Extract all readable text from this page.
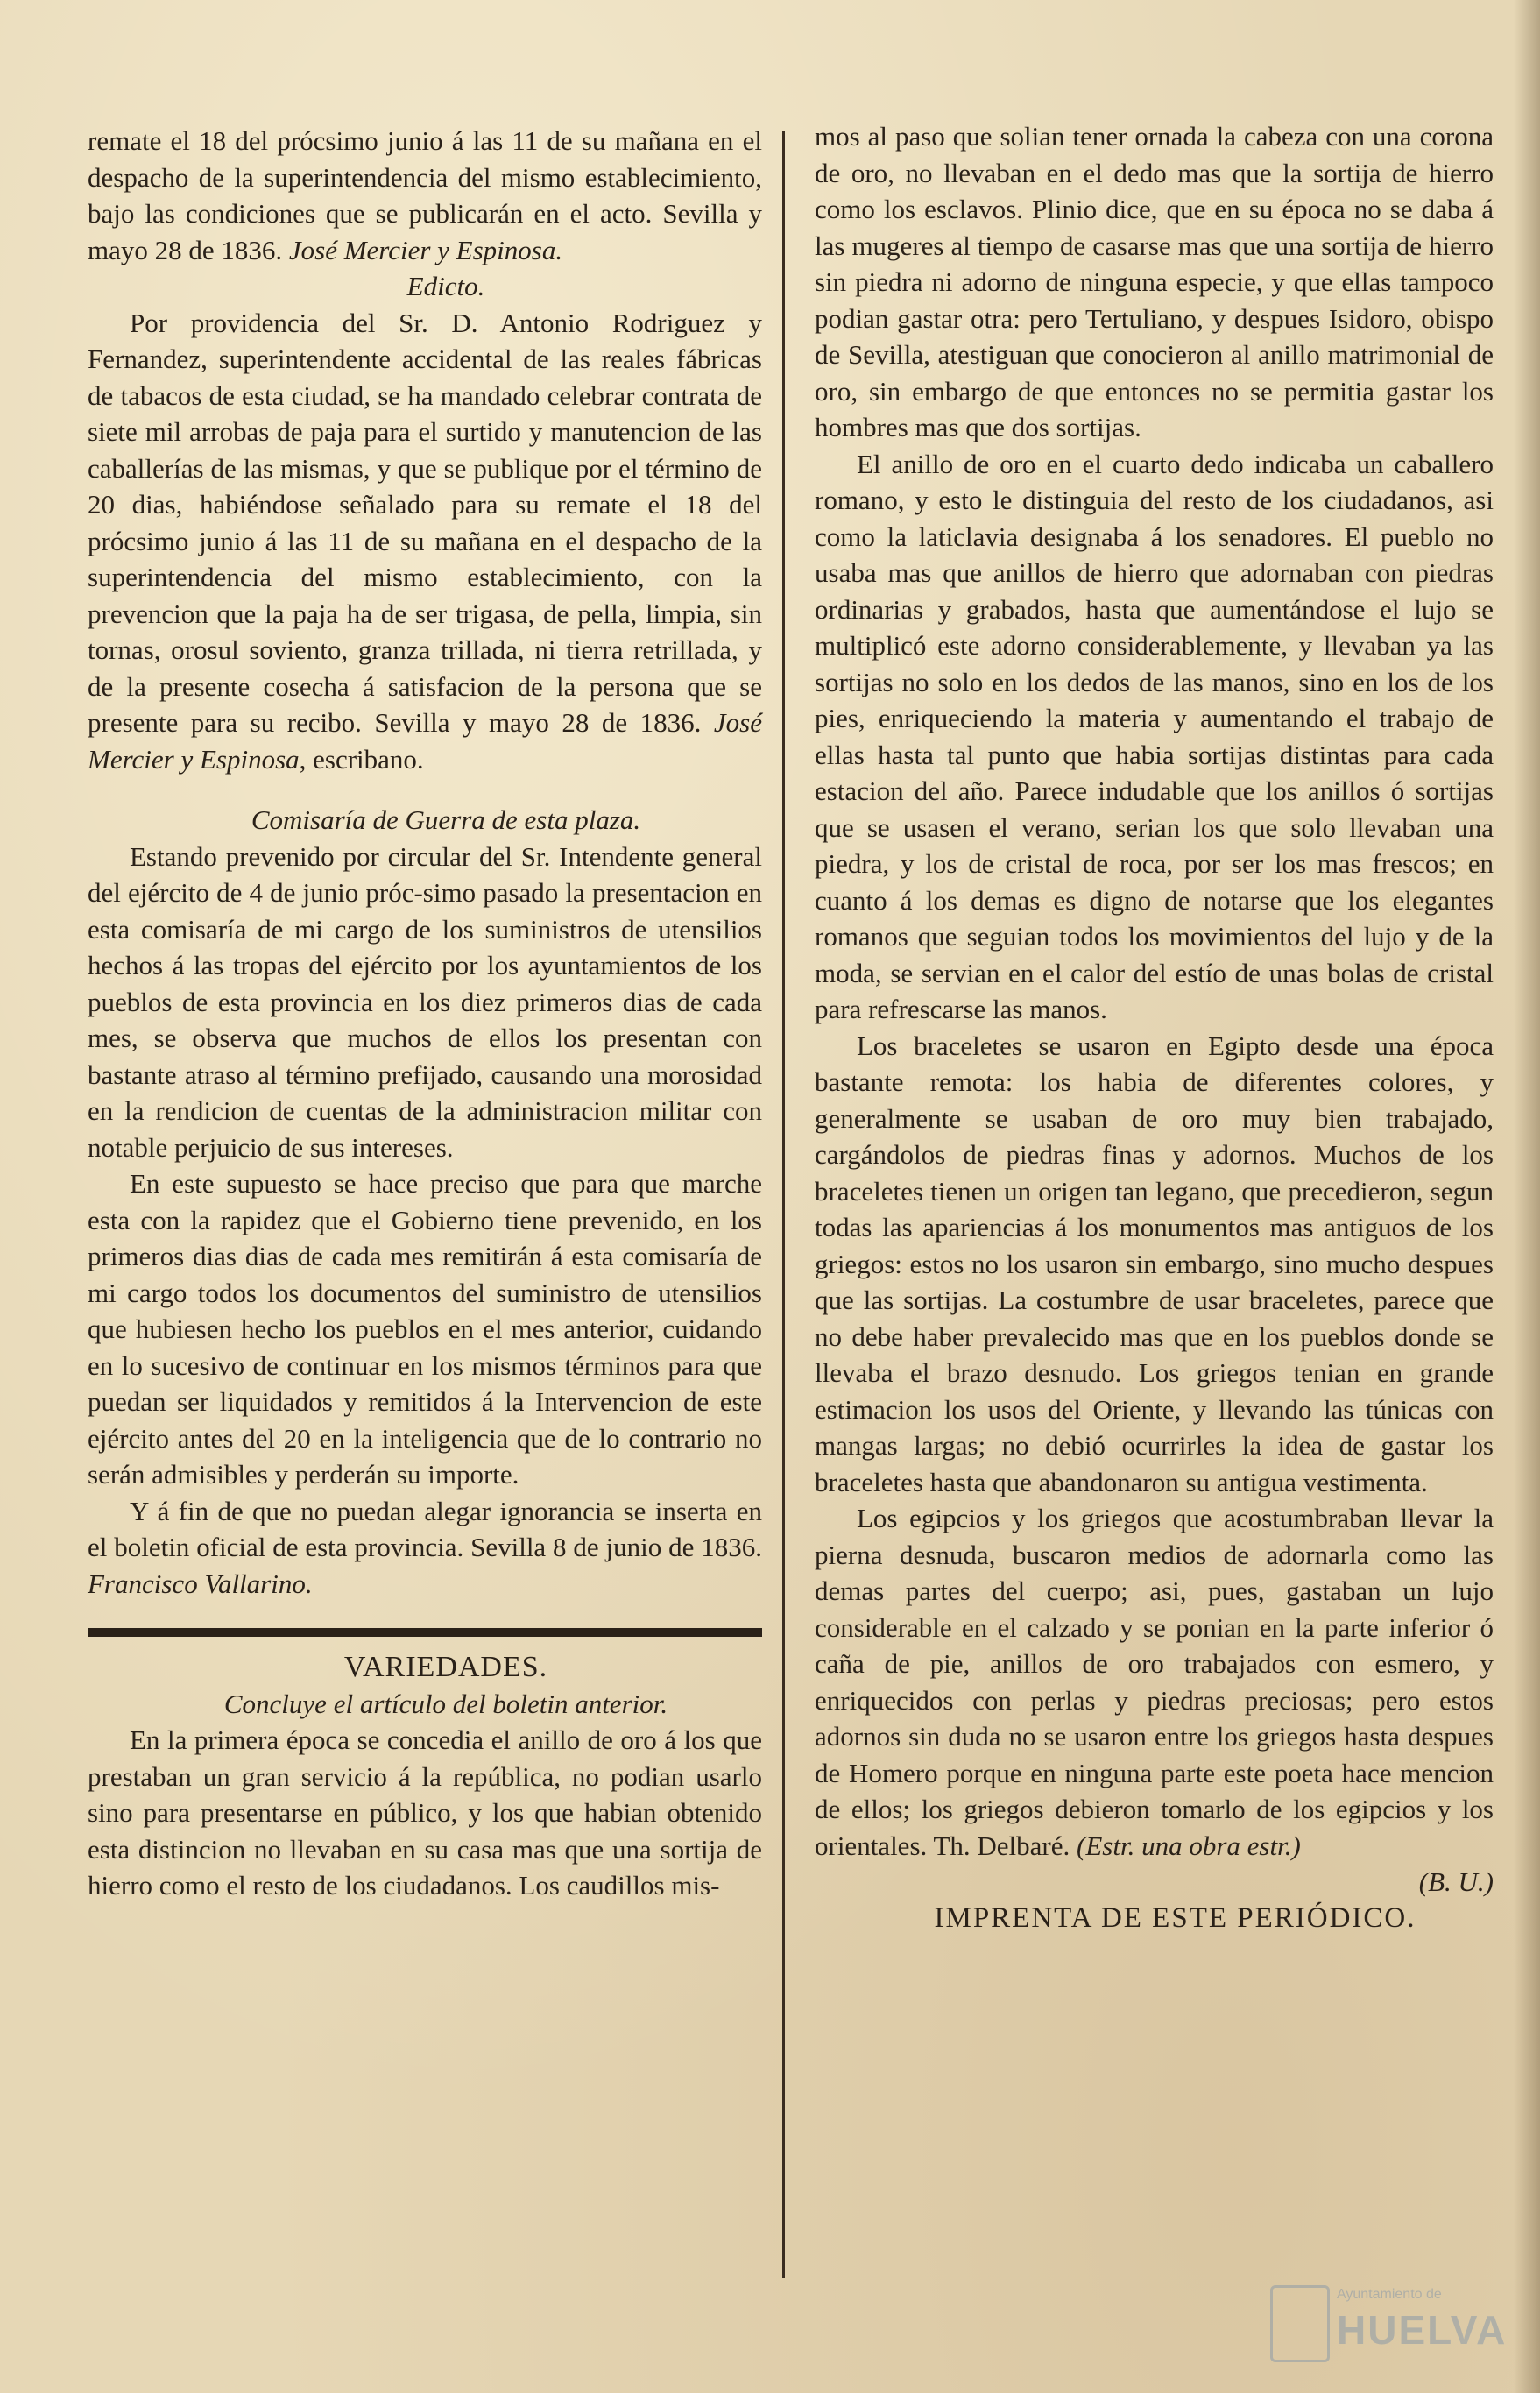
remate el 18 del prócsimo junio á las 11 de su mañana en el despacho de la superintendencia del mismo establecimiento, bajo las condiciones que se publicarán en el acto. Sevilla y mayo 28 de 1836. José Mercier y Espinosa.

Edicto.

Por providencia del Sr. D. Antonio Rodriguez y Fernandez, superintendente accidental de las reales fábricas de tabacos de esta ciudad, se ha mandado celebrar contrata de siete mil arrobas de paja para el surtido y manutencion de las caballerías de las mismas, y que se publique por el término de 20 dias, habiéndose señalado para su remate el 18 del prócsimo junio á las 11 de su mañana en el despacho de la superintendencia del mismo establecimiento, con la prevencion que la paja ha de ser trigasa, de pella, limpia, sin tornas, orosul soviento, granza trillada, ni tierra retrillada, y de la presente cosecha á satisfacion de la persona que se presente para su recibo. Sevilla y mayo 28 de 1836. José Mercier y Espinosa, escribano.

Comisaría de Guerra de esta plaza.

Estando prevenido por circular del Sr. Intendente general del ejército de 4 de junio próc-simo pasado la presentacion en esta comisaría de mi cargo de los suministros de utensilios hechos á las tropas del ejército por los ayuntamientos de los pueblos de esta provincia en los diez primeros dias de cada mes, se observa que muchos de ellos los presentan con bastante atraso al término prefijado, causando una morosidad en la rendicion de cuentas de la administracion militar con notable perjuicio de sus intereses.

En este supuesto se hace preciso que para que marche esta con la rapidez que el Gobierno tiene prevenido, en los primeros dias dias de cada mes remitirán á esta comisaría de mi cargo todos los documentos del suministro de utensilios que hubiesen hecho los pueblos en el mes anterior, cuidando en lo sucesivo de continuar en los mismos términos para que puedan ser liquidados y remitidos á la Intervencion de este ejército antes del 20 en la inteligencia que de lo contrario no serán admisibles y perderán su importe.

Y á fin de que no puedan alegar ignorancia se inserta en el boletin oficial de esta provincia. Sevilla 8 de junio de 1836. Francisco Vallarino.

VARIEDADES.

Concluye el artículo del boletin anterior.

En la primera época se concedia el anillo de oro á los que prestaban un gran servicio á la república, no podian usarlo sino para presentarse en público, y los que habian obtenido esta distincion no llevaban en su casa mas que una sortija de hierro como el resto de los ciudadanos. Los caudillos mis-

mos al paso que solian tener ornada la cabeza con una corona de oro, no llevaban en el dedo mas que la sortija de hierro como los esclavos. Plinio dice, que en su época no se daba á las mugeres al tiempo de casarse mas que una sortija de hierro sin piedra ni adorno de ninguna especie, y que ellas tampoco podian gastar otra: pero Tertuliano, y despues Isidoro, obispo de Sevilla, atestiguan que conocieron al anillo matrimonial de oro, sin embargo de que entonces no se permitia gastar los hombres mas que dos sortijas.

El anillo de oro en el cuarto dedo indicaba un caballero romano, y esto le distinguia del resto de los ciudadanos, asi como la laticlavia designaba á los senadores. El pueblo no usaba mas que anillos de hierro que adornaban con piedras ordinarias y grabados, hasta que aumentándose el lujo se multiplicó este adorno considerablemente, y llevaban ya las sortijas no solo en los dedos de las manos, sino en los de los pies, enriqueciendo la materia y aumentando el trabajo de ellas hasta tal punto que habia sortijas distintas para cada estacion del año. Parece indudable que los anillos ó sortijas que se usasen el verano, serian los que solo llevaban una piedra, y los de cristal de roca, por ser los mas frescos; en cuanto á los demas es digno de notarse que los elegantes romanos que seguian todos los movimientos del lujo y de la moda, se servian en el calor del estío de unas bolas de cristal para refrescarse las manos.

Los braceletes se usaron en Egipto desde una época bastante remota: los habia de diferentes colores, y generalmente se usaban de oro muy bien trabajado, cargándolos de piedras finas y adornos. Muchos de los braceletes tienen un origen tan legano, que precedieron, segun todas las apariencias á los monumentos mas antiguos de los griegos: estos no los usaron sin embargo, sino mucho despues que las sortijas. La costumbre de usar braceletes, parece que no debe haber prevalecido mas que en los pueblos donde se llevaba el brazo desnudo. Los griegos tenian en grande estimacion los usos del Oriente, y llevando las túnicas con mangas largas; no debió ocurrirles la idea de gastar los braceletes hasta que abandonaron su antigua vestimenta.

Los egipcios y los griegos que acostumbraban llevar la pierna desnuda, buscaron medios de adornarla como las demas partes del cuerpo; asi, pues, gastaban un lujo considerable en el calzado y se ponian en la parte inferior ó caña de pie, anillos de oro trabajados con esmero, y enriquecidos con perlas y piedras preciosas; pero estos adornos sin duda no se usaron entre los griegos hasta despues de Homero porque en ninguna parte este poeta hace mencion de ellos; los griegos debieron tomarlo de los egipcios y los orientales. Th. Delbaré. (Estr. una obra estr.)

(B. U.)

IMPRENTA DE ESTE PERIÓDICO.

Ayuntamiento de
HUELVA
